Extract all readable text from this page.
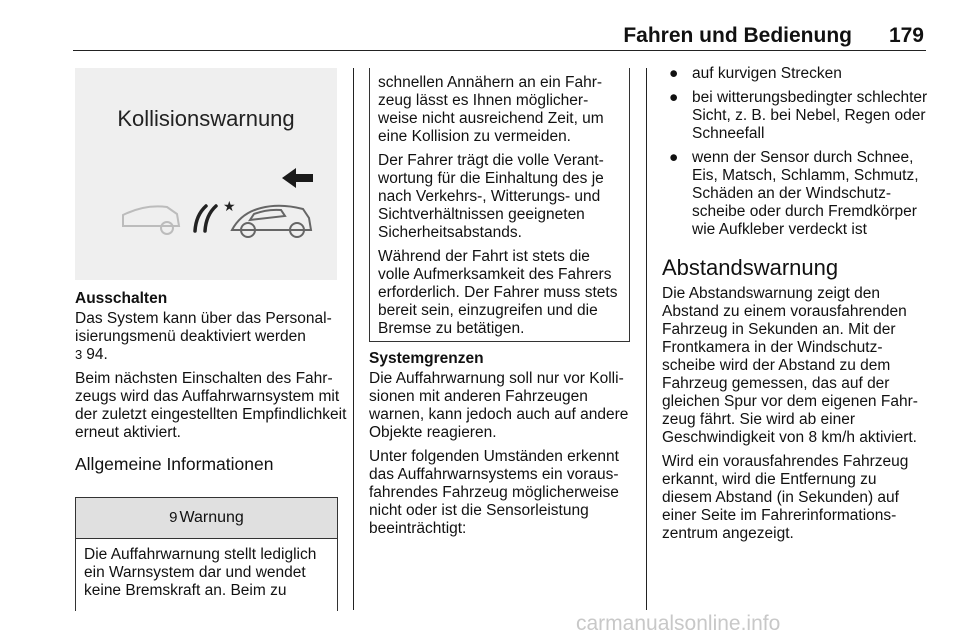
Fahren und Bedienung	179
Kollisionswarnung
★
Ausschalten

Das System kann über das Personalisierungsmenü deaktiviert werden
3 94.

Beim nächsten Einschalten des Fahrzeugs wird das Auffahrwarnsystem mit der zuletzt eingestellten Empfindlichkeit erneut aktiviert.

Allgemeine Informationen
9 Warnung
Die Auffahrwarnung stellt lediglich ein Warnsystem dar und wendet keine Bremskraft an. Beim zu

schnellen Annähern an ein Fahrzeug lässt es Ihnen möglicherweise nicht ausreichend Zeit, um eine Kollision zu vermeiden.

Der Fahrer trägt die volle Verantwortung für die Einhaltung des je nach Verkehrs-, Witterungs- und Sichtverhältnissen geeigneten Sicherheitsabstands.

Während der Fahrt ist stets die volle Aufmerksamkeit des Fahrers erforderlich. Der Fahrer muss stets bereit sein, einzugreifen und die Bremse zu betätigen.

Systemgrenzen

Die Auffahrwarnung soll nur vor Kollisionen mit anderen Fahrzeugen warnen, kann jedoch auch auf andere Objekte reagieren.

Unter folgenden Umständen erkennt das Auffahrwarnsystems ein vorausfahrendes Fahrzeug möglicherweise nicht oder ist die Sensorleistung beeinträchtigt:

● auf kurvigen Strecken
● bei witterungsbedingter schlechter Sicht, z. B. bei Nebel, Regen oder Schneefall
● wenn der Sensor durch Schnee, Eis, Matsch, Schlamm, Schmutz, Schäden an der Windschutzscheibe oder durch Fremdkörper wie Aufkleber verdeckt ist
Abstandswarnung

Die Abstandswarnung zeigt den Abstand zu einem vorausfahrenden Fahrzeug in Sekunden an. Mit der Frontkamera in der Windschutzscheibe wird der Abstand zu dem Fahrzeug gemessen, das auf der gleichen Spur vor dem eigenen Fahrzeug fährt. Sie wird ab einer Geschwindigkeit von 8 km/h aktiviert.

Wird ein vorausfahrendes Fahrzeug erkannt, wird die Entfernung zu diesem Abstand (in Sekunden) auf einer Seite im Fahrerinformationszentrum angezeigt.

carmanualsonline.info
